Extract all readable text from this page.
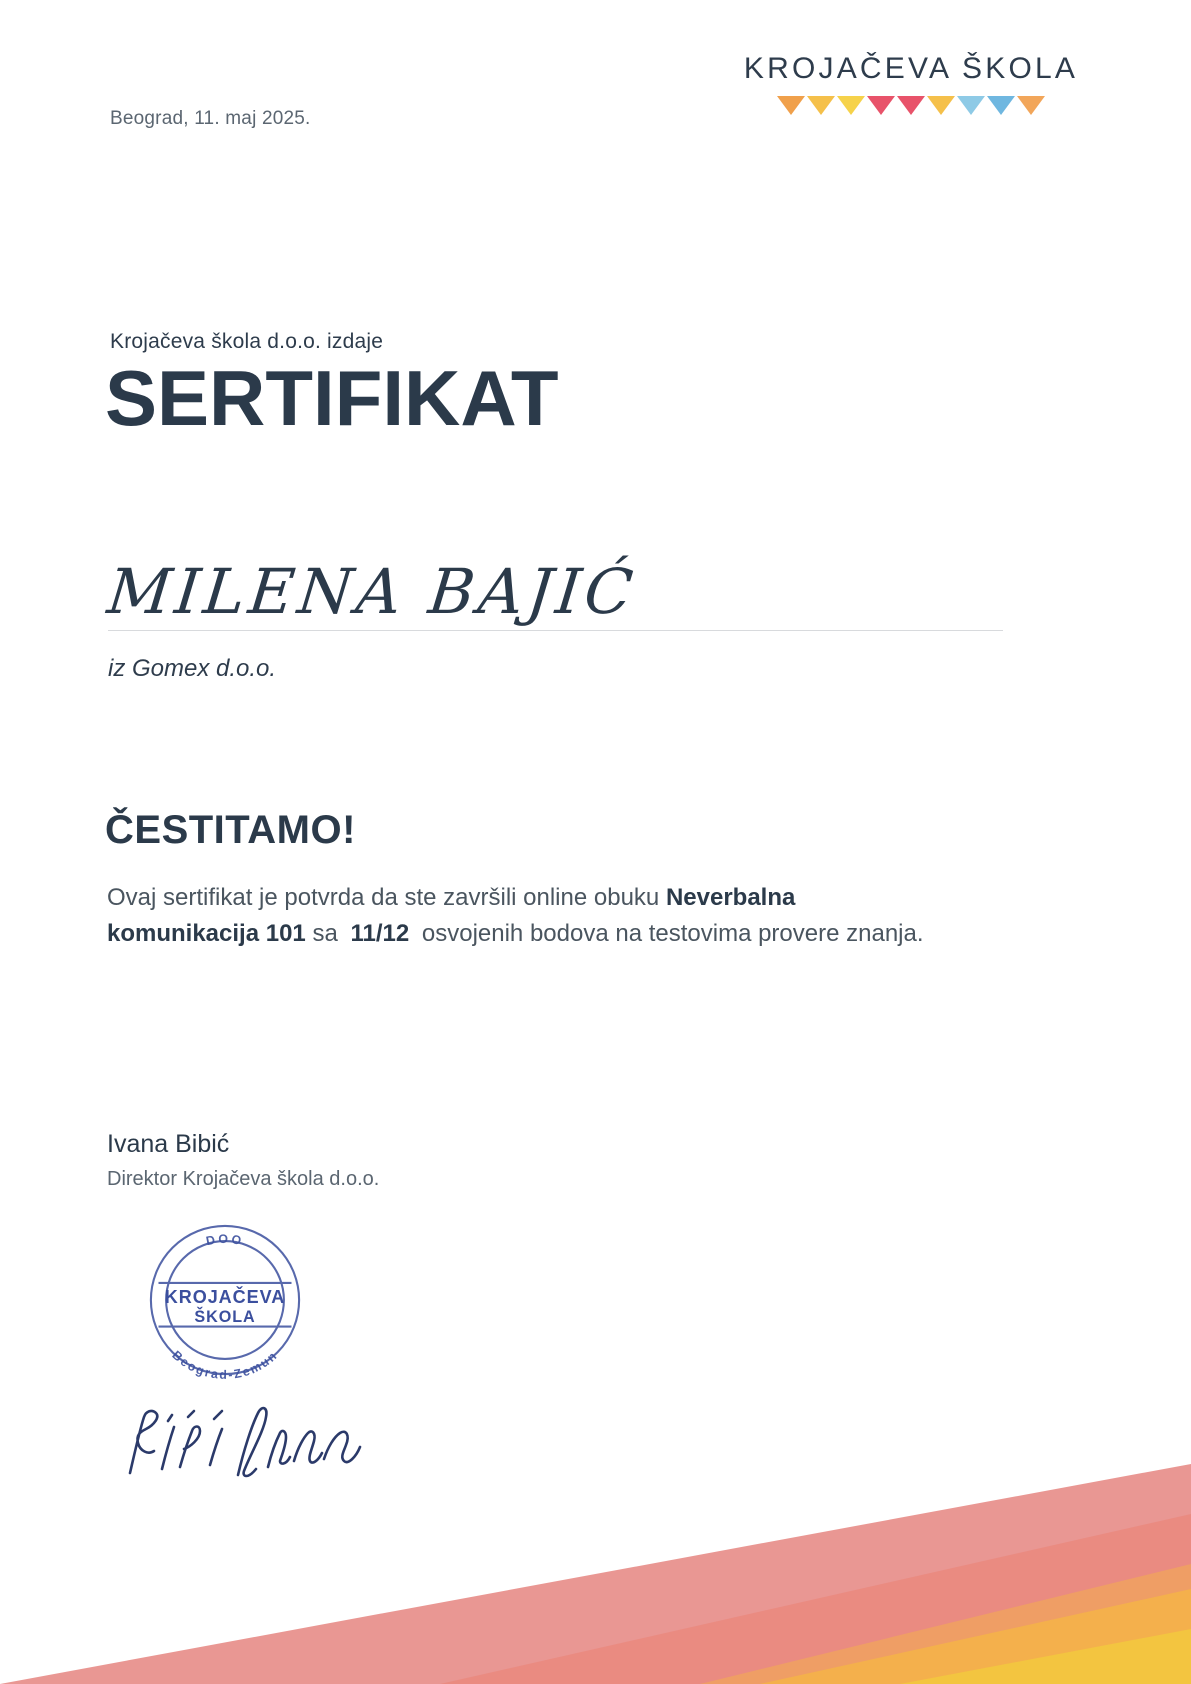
Beograd, 11. maj 2025.
KROJAČEVA ŠKOLA
Krojačeva škola d.o.o. izdaje
SERTIFIKAT
MILENA BAJIĆ
iz Gomex d.o.o.
ČESTITAMO!
Ovaj sertifikat je potvrda da ste završili online obuku Neverbalna komunikacija 101 sa 11/12 osvojenih bodova na testovima provere znanja.
Ivana Bibić
Direktor Krojačeva škola d.o.o.
DOO
KROJAČEVA
ŠKOLA
Beograd-Zemun
